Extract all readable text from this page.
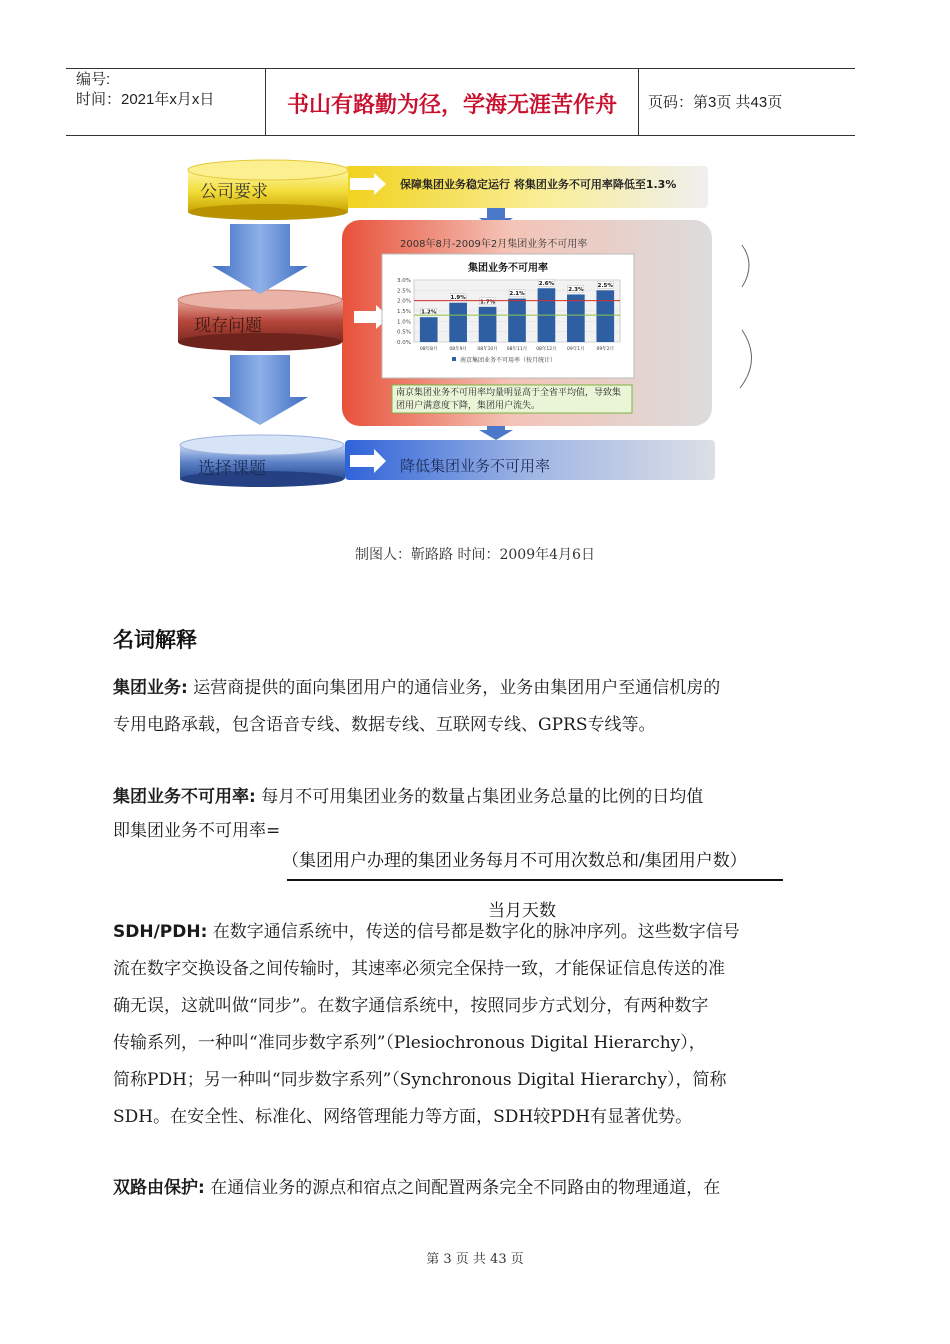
编号:
时间：2021年x月x日	书山有路勤为径，学海无涯苦作舟	页码：第3页 共43页
公司要求
现存问题
选择课题
保障集团业务稳定运行 将集团业务不可用率降低至1.3%
降低集团业务不可用率
2008年8月-2009年2月集团业务不可用率
南京集团业务不可用率均量明显高于全省平均值，导致集团用户满意度下降，集团用户流失。
集团业务不可用率
0.0%
0.5%
1.0%
1.5%
2.0%
2.5%
3.0%
1.2%
08年8月
1.9%
08年9月
1.7%
08年10月
2.1%
08年11月
2.6%
08年12月
2.3%
09年1月
2.5%
09年2月
南京集团业务不可用率（按月统计）
制图人：靳路路 时间：2009年4月6日
名词解释
集团业务: 运营商提供的面向集团用户的通信业务，业务由集团用户至通信机房的
专用电路承载，包含语音专线、数据专线、互联网专线、GPRS专线等。
集团业务不可用率: 每月不可用集团业务的数量占集团业务总量的比例的日均值
即集团业务不可用率=
（集团用户办理的集团业务每月不可用次数总和/集团用户数）
当月天数
SDH/PDH: 在数字通信系统中，传送的信号都是数字化的脉冲序列。这些数字信号
流在数字交换设备之间传输时，其速率必须完全保持一致，才能保证信息传送的准
确无误，这就叫做“同步”。在数字通信系统中，按照同步方式划分，有两种数字
传输系列，一种叫“准同步数字系列”（Plesiochronous Digital Hierarchy），
简称PDH；另一种叫“同步数字系列”（Synchronous Digital Hierarchy），简称
SDH。在安全性、标准化、网络管理能力等方面，SDH较PDH有显著优势。
双路由保护: 在通信业务的源点和宿点之间配置两条完全不同路由的物理通道，在
第 3 页 共 43 页
